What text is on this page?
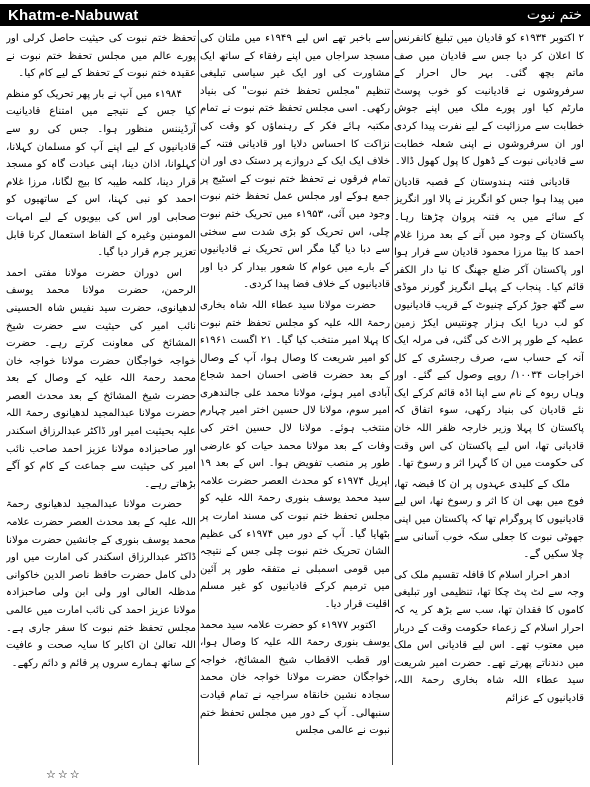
Khatm-e-Nabuwat	ختم نبوت

۲ اکتوبر ۱۹۳۴ء کو قادیان میں تبلیغ کانفرنس کا اعلان کر دیا جس سے قادیان میں صف ماتم بچھ گئی۔ بہر حال احرار کے سرفروشوں نے قادیانیت کو خوب پوسٹ مارٹم کیا اور پورے ملک میں اپنے جوش خطابت سے مرزائیت کے لیے نفرت پیدا کردی اور ان سرفروشوں نے اپنی شعلہ خطابت سے قادیانی نبوت کے ڈھول کا پول کھول ڈالا۔

قادیانی فتنہ ہندوستان کے قصبہ قادیان میں پیدا ہوا جس کو انگریز نے پالا اور انگریز کے سائے میں یہ فتنہ پروان چڑھتا رہا۔ پاکستان کے وجود میں آنے کے بعد مرزا غلام احمد کا بیٹا مرزا محمود قادیان سے فرار ہوا اور پاکستان آکر ضلع جھنگ کا نیا دار الکفر قائم کیا۔ پنجاب کے پہلے انگریز گورنر موڈی سے گٹھ جوڑ کرکے چنیوٹ کے قریب قادیانیوں کو لب دریا ایک ہزار چونتیس ایکڑ زمین عطیہ کے طور پر الاٹ کی گئی، فی مرلہ ایک آنہ کے حساب سے، صرف رجسٹری کے کل اخراجات ۱۰۰۳۴/ روپے وصول کیے گئے۔ اور وہاں ربوہ کے نام سے اپنا اڈہ قائم کرکے ایک نئے قادیان کی بنیاد رکھی، سوء اتفاق کہ پاکستان کا پہلا وزیر خارجہ ظفر اللہ خان قادیانی تھا، اس لیے پاکستان کی اس وقت کی حکومت میں ان کا گہرا اثر و رسوخ تھا۔

ملک کے کلیدی عہدوں پر ان کا قبضہ تھا، فوج میں بھی ان کا اثر و رسوخ تھا، اس لیے قادیانیوں کا پروگرام تھا کہ پاکستان میں اپنی جھوٹی نبوت کا جعلی سکہ خوب آسانی سے چلا سکیں گے۔

ادھر احرار اسلام کا قافلہ تقسیم ملک کی وجہ سے لٹ پٹ چکا تھا، تنظیمی اور تبلیغی کاموں کا فقدان تھا، سب سے بڑھ کر یہ کہ احرار اسلام کے زعماء حکومت وقت کے دربار میں معتوب تھے۔ اس لیے قادیانی اس ملک میں دندناتے پھرتے تھے۔ حضرت امیر شریعت سید عطاء اللہ شاہ بخاری رحمۃ اللہ، قادیانیوں کے عزائم

سے باخبر تھے اس لیے ۱۹۴۹ء میں ملتان کی مسجد سراجاں میں اپنے رفقاء کے ساتھ ایک مشاورت کی اور ایک غیر سیاسی تبلیغی تنظیم "مجلس تحفظ ختم نبوت" کی بنیاد رکھی۔ اسی مجلس تحفظ ختم نبوت نے تمام مکتبہ ہائے فکر کے رہنماؤں کو وقت کی نزاکت کا احساس دلایا اور قادیانی فتنہ کے خلاف ایک ایک کے دروازے پر دستک دی اور ان تمام فرقوں نے تحفظ ختم نبوت کے اسٹیج پر جمع ہوکے اور مجلس عمل تحفظ ختم نبوت وجود میں آئی، ۱۹۵۳ء میں تحریک ختم نبوت چلی، اس تحریک کو بڑی شدت سے سختی سے دبا دیا گیا مگر اس تحریک نے قادیانیوں کے بارے میں عوام کا شعور بیدار کر دیا اور قادیانیوں کے خلاف فضا پیدا کردی۔

حضرت مولانا سید عطاء اللہ شاہ بخاری رحمۃ اللہ علیہ کو مجلس تحفظ ختم نبوت کا پہلا امیر منتخب کیا گیا۔ ۲۱ اگست ۱۹۶۱ء کو امیر شریعت کا وصال ہوا، آپ کے وصال کے بعد حضرت قاضی احسان احمد شجاع آبادی امیر ہوئے، مولانا محمد علی جالندھری امیر سوم، مولانا لال حسین اختر امیر چہارم منتخب ہوئے۔ مولانا لال حسین اختر کی وفات کے بعد مولانا محمد حیات کو عارضی طور پر منصب تفویض ہوا۔ اس کے بعد ۱۹ اپریل ۱۹۷۴ء کو محدث العصر حضرت علامہ سید محمد یوسف بنوری رحمۃ اللہ علیہ کو مجلس تحفظ ختم نبوت کی مسند امارت پر بٹھایا گیا۔ آپ کے دور میں ۱۹۷۴ء کی عظیم الشان تحریک ختم نبوت چلی جس کے نتیجہ میں قومی اسمبلی نے متفقہ طور پر آئین میں ترمیم کرکے قادیانیوں کو غیر مسلم اقلیت قرار دیا۔

اکتوبر ۱۹۷۷ء کو حضرت علامہ سید محمد یوسف بنوری رحمۃ اللہ علیہ کا وصال ہوا، اور قطب الاقطاب شیخ المشائخ، خواجہ خواجگان حضرت مولانا خواجہ خان محمد سجادہ نشین خانقاہ سراجیہ نے تمام قیادت سنبھالی۔ آپ کے دور میں مجلس تحفظ ختم نبوت نے عالمی مجلس

تحفظ ختم نبوت کی حیثیت حاصل کرلی اور پورے عالم میں مجلس تحفظ ختم نبوت نے عقیدہ ختم نبوت کے تحفظ کے لیے کام کیا۔

۱۹۸۴ء میں آپ نے بار پھر تحریک کو منظم کیا جس کے نتیجے میں امتناع قادیانیت آرڈیننس منظور ہوا۔ جس کی رو سے قادیانیوں کے لیے اپنے آپ کو مسلمان کہلانا، کہلوانا، اذان دینا، اپنی عبادت گاہ کو مسجد قرار دینا، کلمہ طیبہ کا بیج لگانا، مرزا غلام احمد کو نبی کہنا، اس کے ساتھیوں کو صحابی اور اس کی بیویوں کے لیے امہات المومنین وغیرہ کے الفاظ استعمال کرنا قابل تعزیر جرم قرار دیا گیا۔

اس دوران حضرت مولانا مفتی احمد الرحمن، حضرت مولانا محمد یوسف لدھیانوی، حضرت سید نفیس شاہ الحسینی نائب امیر کی حیثیت سے حضرت شیخ المشائخ کی معاونت کرتے رہے۔ حضرت خواجہ خواجگان حضرت مولانا خواجہ خان محمد رحمۃ اللہ علیہ کے وصال کے بعد حضرت شیخ المشائخ کے بعد محدث العصر حضرت مولانا عبدالمجید لدھیانوی رحمۃ اللہ علیہ بحیثیت امیر اور ڈاکٹر عبدالرزاق اسکندر اور صاحبزادہ مولانا عزیز احمد صاحب نائب امیر کی حیثیت سے جماعت کے کام کو آگے بڑھاتے رہے۔

حضرت مولانا عبدالمجید لدھیانوی رحمۃ اللہ علیہ کے بعد محدث العصر حضرت علامہ محمد یوسف بنوری کے جانشین حضرت مولانا ڈاکٹر عبدالرزاق اسکندر کی امارت میں اور دلی کامل حضرت حافظ ناصر الدین خاکوانی مدظلہ العالی اور ولی ابن ولی صاحبزادہ مولانا عزیز احمد کی نائب امارت میں عالمی مجلس تحفظ ختم نبوت کا سفر جاری ہے۔ اللہ تعالیٰ ان اکابر کا سایہ صحت و عافیت کے ساتھ ہمارے سروں پر قائم و دائم رکھے۔

☆☆☆
